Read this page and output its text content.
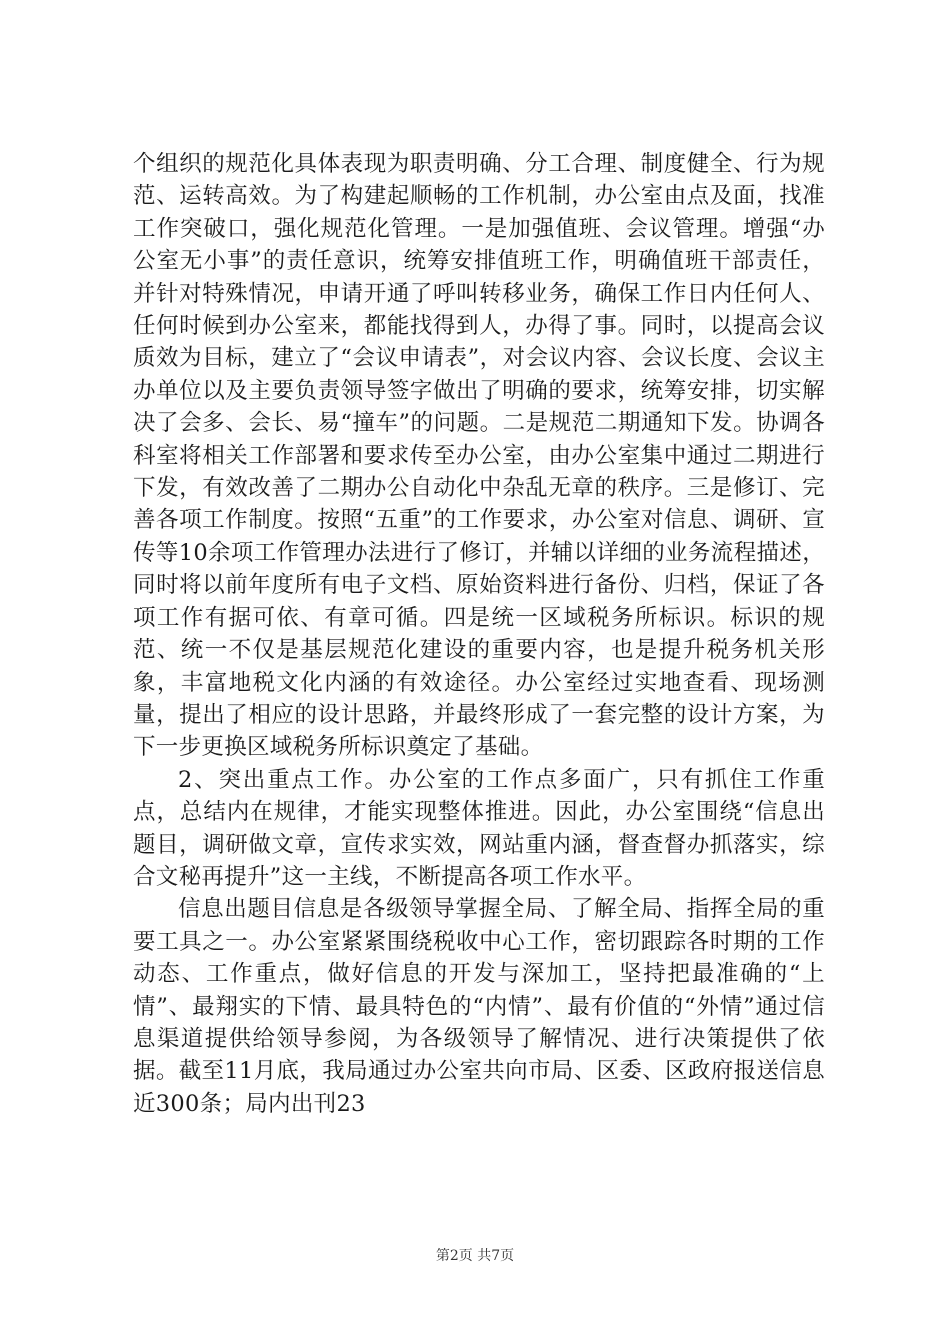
个组织的规范化具体表现为职责明确、分工合理、制度健全、行为规范、运转高效。为了构建起顺畅的工作机制，办公室由点及面，找准工作突破口，强化规范化管理。一是加强值班、会议管理。增强“办公室无小事”的责任意识，统筹安排值班工作，明确值班干部责任，并针对特殊情况，申请开通了呼叫转移业务，确保工作日内任何人、任何时候到办公室来，都能找得到人，办得了事。同时，以提高会议质效为目标，建立了“会议申请表”，对会议内容、会议长度、会议主办单位以及主要负责领导签字做出了明确的要求，统筹安排，切实解决了会多、会长、易“撞车”的问题。二是规范二期通知下发。协调各科室将相关工作部署和要求传至办公室，由办公室集中通过二期进行下发，有效改善了二期办公自动化中杂乱无章的秩序。三是修订、完善各项工作制度。按照“五重”的工作要求，办公室对信息、调研、宣传等10余项工作管理办法进行了修订，并辅以详细的业务流程描述，同时将以前年度所有电子文档、原始资料进行备份、归档，保证了各项工作有据可依、有章可循。四是统一区域税务所标识。标识的规范、统一不仅是基层规范化建设的重要内容，也是提升税务机关形象，丰富地税文化内涵的有效途径。办公室经过实地查看、现场测量，提出了相应的设计思路，并最终形成了一套完整的设计方案，为下一步更换区域税务所标识奠定了基础。

2、突出重点工作。办公室的工作点多面广，只有抓住工作重点，总结内在规律，才能实现整体推进。因此，办公室围绕“信息出题目，调研做文章，宣传求实效，网站重内涵，督查督办抓落实，综合文秘再提升”这一主线，不断提高各项工作水平。

信息出题目信息是各级领导掌握全局、了解全局、指挥全局的重要工具之一。办公室紧紧围绕税收中心工作，密切跟踪各时期的工作动态、工作重点，做好信息的开发与深加工，坚持把最准确的“上情”、最翔实的下情、最具特色的“内情”、最有价值的“外情”通过信息渠道提供给领导参阅，为各级领导了解情况、进行决策提供了依据。截至11月底，我局通过办公室共向市局、区委、区政府报送信息近300条；局内出刊23

第2页 共7页
